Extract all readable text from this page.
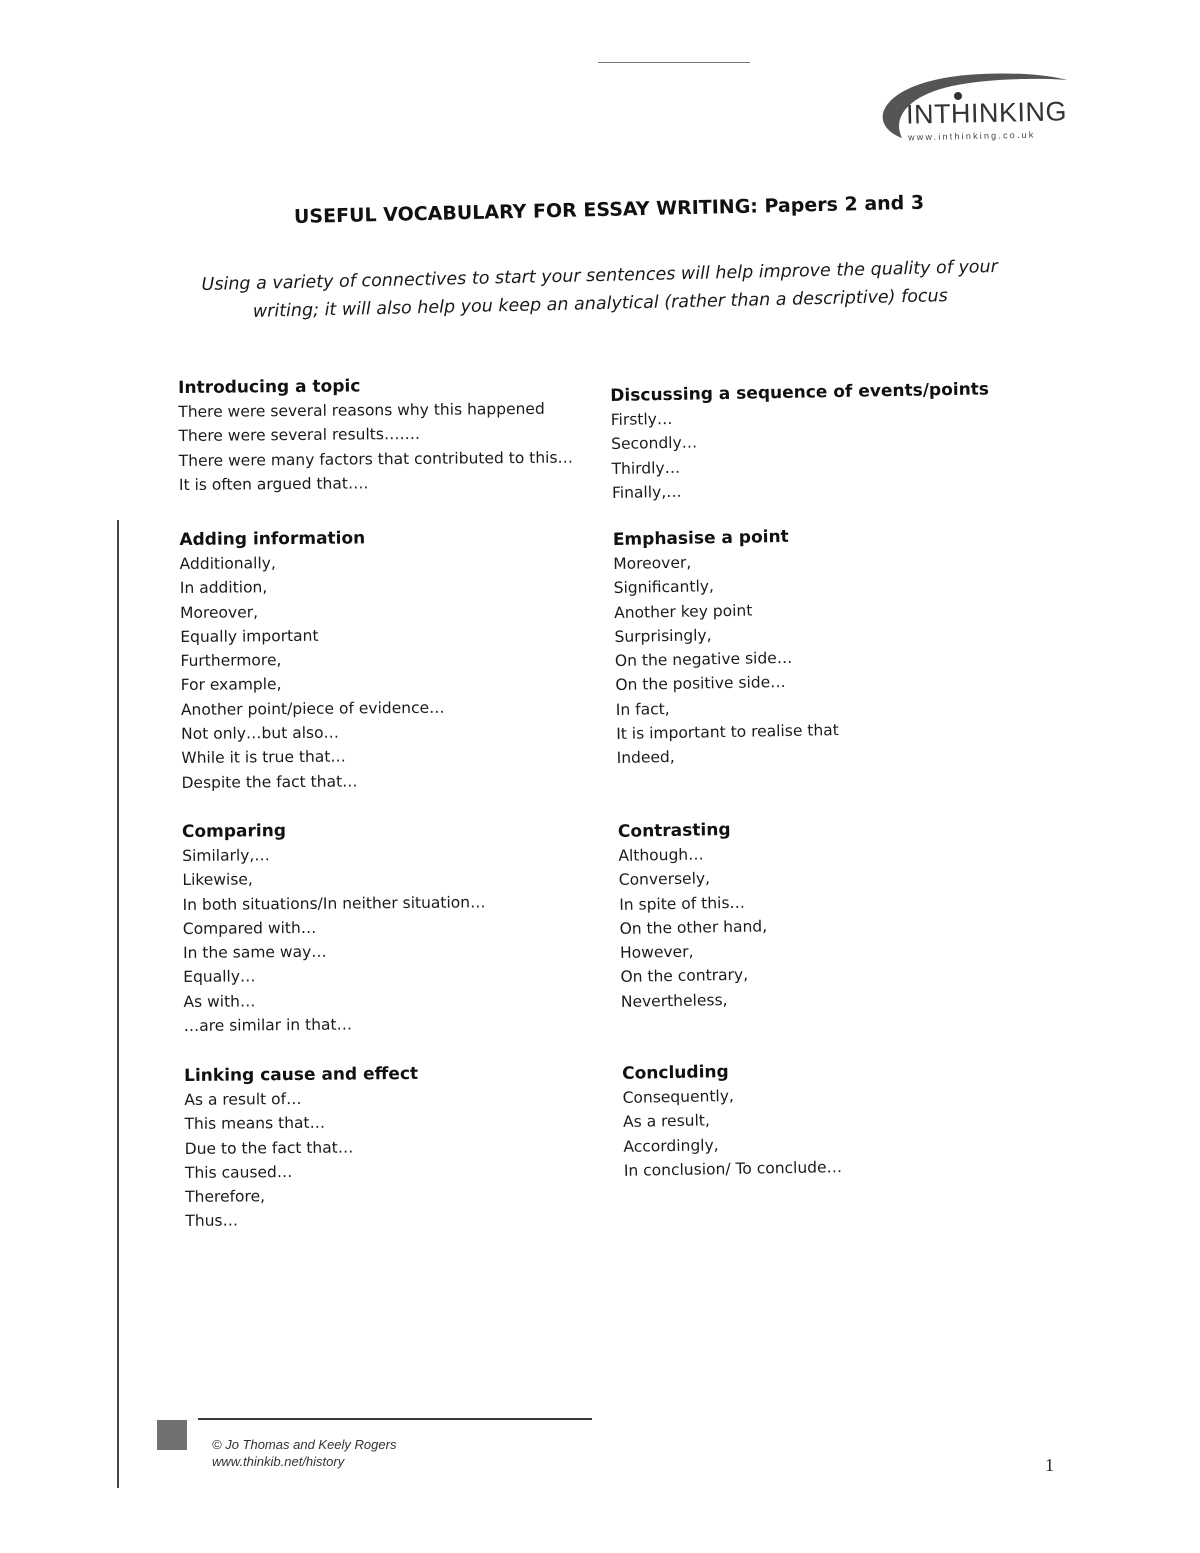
INTHINKING
www.inthinking.co.uk
USEFUL VOCABULARY FOR ESSAY WRITING: Papers 2 and 3
Using a variety of connectives to start your sentences will help improve the quality of your
writing; it will also help you keep an analytical (rather than a descriptive) focus
Introducing a topic
There were several reasons why this happened
There were several results…….
There were many factors that contributed to this…
It is often argued that….
Adding information
Additionally,
In addition,
Moreover,
Equally important
Furthermore,
For example,
Another point/piece of evidence…
Not only…but also…
While it is true that…
Despite the fact that…
Comparing
Similarly,…
Likewise,
In both situations/In neither situation…
Compared with…
In the same way…
Equally…
As with…
…are similar in that…
Linking cause and effect
As a result of…
This means that…
Due to the fact that…
This caused…
Therefore,
Thus…
Discussing a sequence of events/points
Firstly…
Secondly…
Thirdly…
Finally,…
Emphasise a point
Moreover,
Significantly,
Another key point
Surprisingly,
On the negative side…
On the positive side…
In fact,
It is important to realise that
Indeed,
Contrasting
Although…
Conversely,
In spite of this…
On the other hand,
However,
On the contrary,
Nevertheless,
Concluding
Consequently,
As a result,
Accordingly,
In conclusion/ To conclude…
© Jo Thomas and Keely Rogers
www.thinkib.net/history	1
